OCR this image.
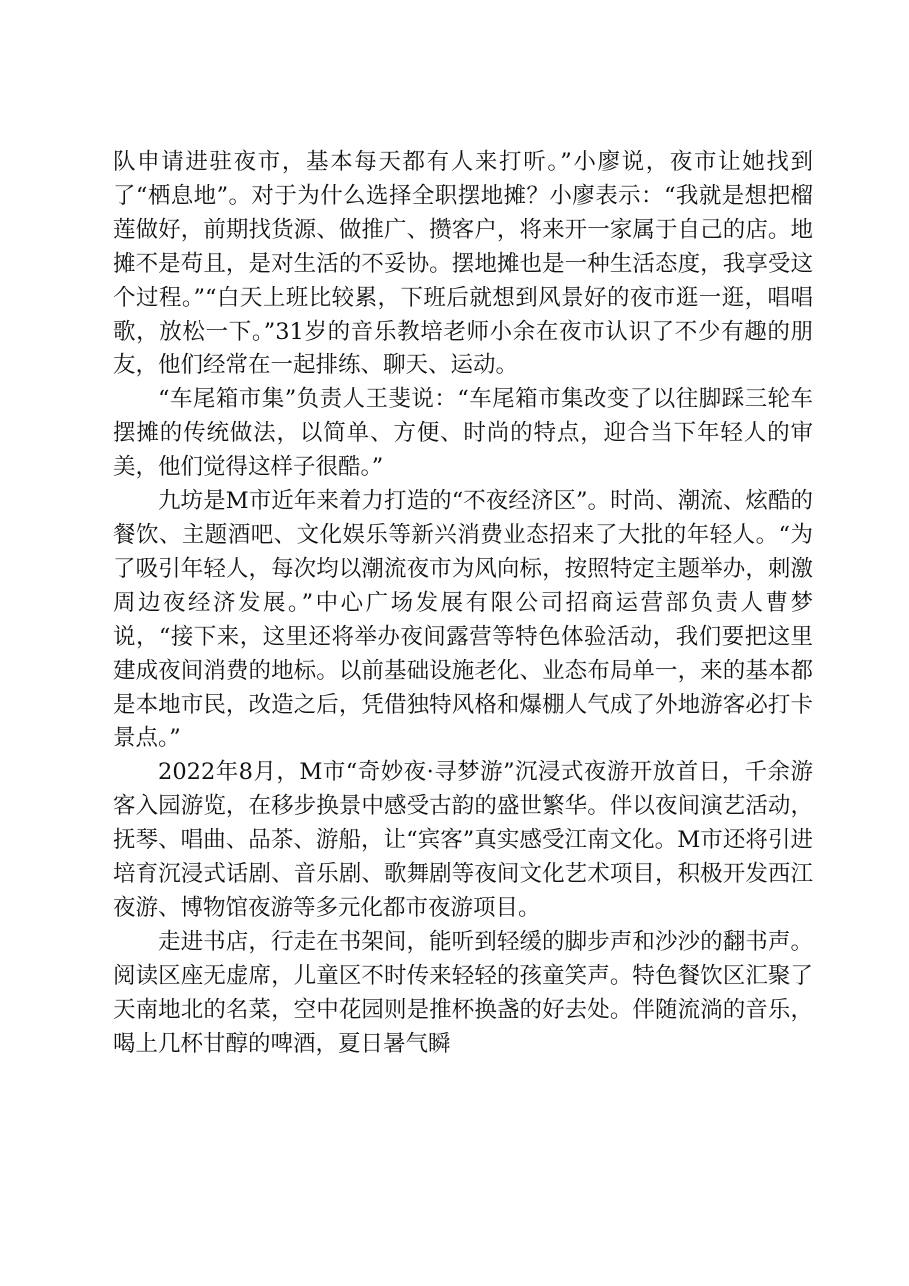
队申请进驻夜市，基本每天都有人来打听。”小廖说，夜市让她找到了“栖息地”。对于为什么选择全职摆地摊？小廖表示：“我就是想把榴莲做好，前期找货源、做推广、攒客户，将来开一家属于自己的店。地摊不是苟且，是对生活的不妥协。摆地摊也是一种生活态度，我享受这个过程。”“白天上班比较累，下班后就想到风景好的夜市逛一逛，唱唱歌，放松一下。”31岁的音乐教培老师小余在夜市认识了不少有趣的朋友，他们经常在一起排练、聊天、运动。

“车尾箱市集”负责人王斐说：“车尾箱市集改变了以往脚踩三轮车摆摊的传统做法，以简单、方便、时尚的特点，迎合当下年轻人的审美，他们觉得这样子很酷。”

九坊是M市近年来着力打造的“不夜经济区”。时尚、潮流、炫酷的餐饮、主题酒吧、文化娱乐等新兴消费业态招来了大批的年轻人。“为了吸引年轻人，每次均以潮流夜市为风向标，按照特定主题举办，刺激周边夜经济发展。”中心广场发展有限公司招商运营部负责人曹梦说，“接下来，这里还将举办夜间露营等特色体验活动，我们要把这里建成夜间消费的地标。以前基础设施老化、业态布局单一，来的基本都是本地市民，改造之后，凭借独特风格和爆棚人气成了外地游客必打卡景点。”

2022年8月，M市“奇妙夜·寻梦游”沉浸式夜游开放首日，千余游客入园游览，在移步换景中感受古韵的盛世繁华。伴以夜间演艺活动，抚琴、唱曲、品茶、游船，让“宾客”真实感受江南文化。M市还将引进培育沉浸式话剧、音乐剧、歌舞剧等夜间文化艺术项目，积极开发西江夜游、博物馆夜游等多元化都市夜游项目。

走进书店，行走在书架间，能听到轻缓的脚步声和沙沙的翻书声。阅读区座无虚席，儿童区不时传来轻轻的孩童笑声。特色餐饮区汇聚了天南地北的名菜，空中花园则是推杯换盏的好去处。伴随流淌的音乐，喝上几杯甘醇的啤酒，夏日暑气瞬
